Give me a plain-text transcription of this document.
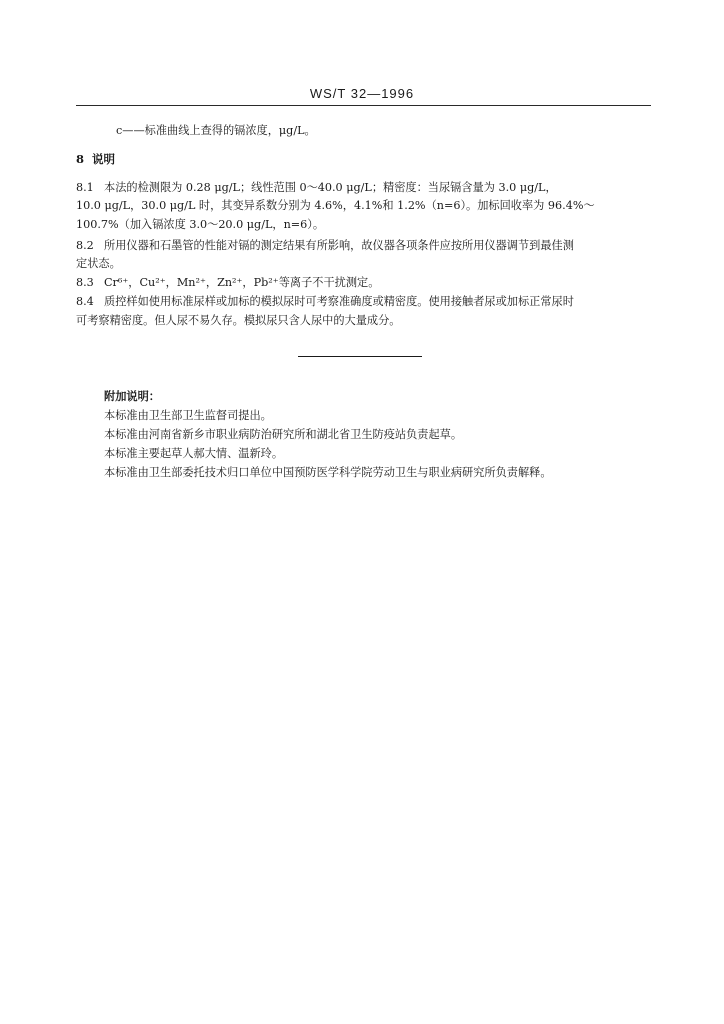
WS/T 32—1996

c——标准曲线上查得的镉浓度，μg/L。

8 说明

8.1 本法的检测限为 0.28 μg/L；线性范围 0～40.0 μg/L；精密度：当尿镉含量为 3.0 μg/L，

10.0 μg/L，30.0 μg/L 时，其变异系数分别为 4.6%，4.1%和 1.2%（n=6）。加标回收率为 96.4%～

100.7%（加入镉浓度 3.0～20.0 μg/L，n=6）。

8.2 所用仪器和石墨管的性能对镉的测定结果有所影响，故仪器各项条件应按所用仪器调节到最佳测

定状态。

8.3 Cr⁶⁺，Cu²⁺，Mn²⁺，Zn²⁺，Pb²⁺等离子不干扰测定。

8.4 质控样如使用标准尿样或加标的模拟尿时可考察准确度或精密度。使用接触者尿或加标正常尿时

可考察精密度。但人尿不易久存。模拟尿只含人尿中的大量成分。

附加说明：

本标准由卫生部卫生监督司提出。

本标准由河南省新乡市职业病防治研究所和湖北省卫生防疫站负责起草。

本标准主要起草人郝大情、温新玲。

本标准由卫生部委托技术归口单位中国预防医学科学院劳动卫生与职业病研究所负责解释。
